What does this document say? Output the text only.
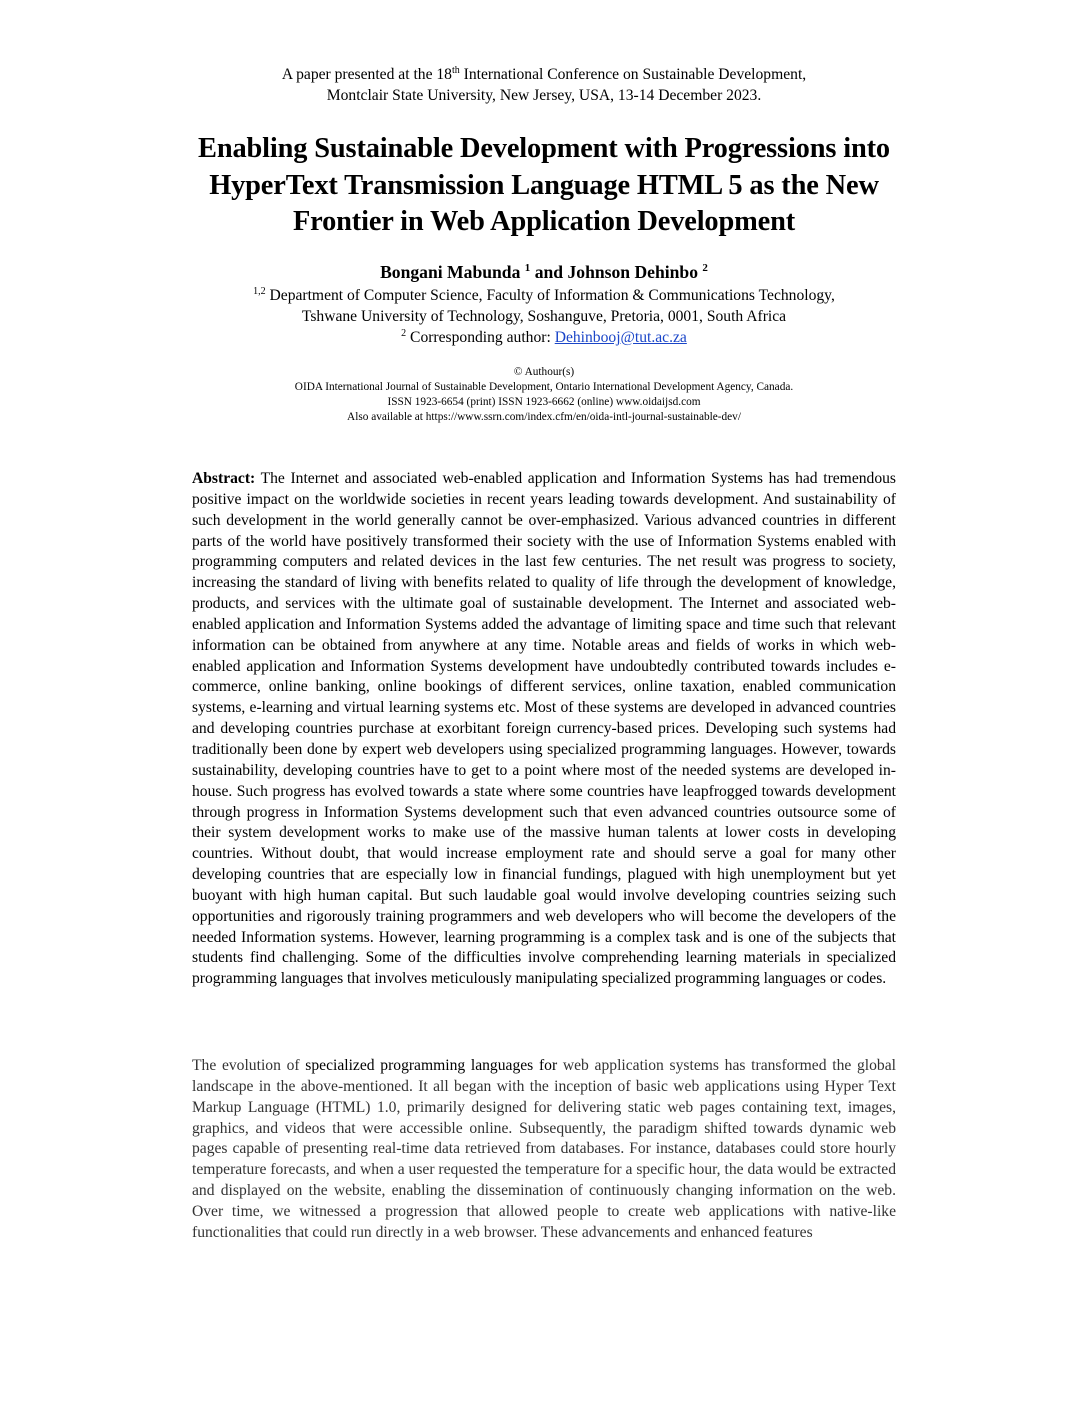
A paper presented at the 18th International Conference on Sustainable Development,
Montclair State University, New Jersey, USA, 13-14 December 2023.
Enabling Sustainable Development with Progressions into
HyperText Transmission Language HTML 5 as the New
Frontier in Web Application Development
Bongani Mabunda $^1$ and Johnson Dehinbo $^2$
$^{1,2}$ Department of Computer Science, Faculty of Information & Communications Technology,
Tshwane University of Technology, Soshanguve, Pretoria, 0001, South Africa
$^2$ Corresponding author: Dehinbooj@tut.ac.za
© Authour(s)
OIDA International Journal of Sustainable Development, Ontario International Development Agency, Canada.
ISSN 1923-6654 (print) ISSN 1923-6662 (online) www.oidaijsd.com
Also available at https://www.ssrn.com/index.cfm/en/oida-intl-journal-sustainable-dev/

Abstract: The Internet and associated web-enabled application and Information Systems has had tremendous positive impact on the worldwide societies in recent years leading towards development. And sustainability of such development in the world generally cannot be over-emphasized. Various advanced countries in different parts of the world have positively transformed their society with the use of Information Systems enabled with programming computers and related devices in the last few centuries. The net result was progress to society, increasing the standard of living with benefits related to quality of life through the development of knowledge, products, and services with the ultimate goal of sustainable development. The Internet and associated web-enabled application and Information Systems added the advantage of limiting space and time such that relevant information can be obtained from anywhere at any time. Notable areas and fields of works in which web-enabled application and Information Systems development have undoubtedly contributed towards includes e-commerce, online banking, online bookings of different services, online taxation, enabled communication systems, e-learning and virtual learning systems etc. Most of these systems are developed in advanced countries and developing countries purchase at exorbitant foreign currency-based prices. Developing such systems had traditionally been done by expert web developers using specialized programming languages. However, towards sustainability, developing countries have to get to a point where most of the needed systems are developed in-house. Such progress has evolved towards a state where some countries have leapfrogged towards development through progress in Information Systems development such that even advanced countries outsource some of their system development works to make use of the massive human talents at lower costs in developing countries. Without doubt, that would increase employment rate and should serve a goal for many other developing countries that are especially low in financial fundings, plagued with high unemployment but yet buoyant with high human capital. But such laudable goal would involve developing countries seizing such opportunities and rigorously training programmers and web developers who will become the developers of the needed Information systems. However, learning programming is a complex task and is one of the subjects that students find challenging. Some of the difficulties involve comprehending learning materials in specialized programming languages that involves meticulously manipulating specialized programming languages or codes.

The evolution of specialized programming languages for web application systems has transformed the global landscape in the above-mentioned. It all began with the inception of basic web applications using Hyper Text Markup Language (HTML) 1.0, primarily designed for delivering static web pages containing text, images, graphics, and videos that were accessible online. Subsequently, the paradigm shifted towards dynamic web pages capable of presenting real-time data retrieved from databases. For instance, databases could store hourly temperature forecasts, and when a user requested the temperature for a specific hour, the data would be extracted and displayed on the website, enabling the dissemination of continuously changing information on the web. Over time, we witnessed a progression that allowed people to create web applications with native-like functionalities that could run directly in a web browser. These advancements and enhanced features
